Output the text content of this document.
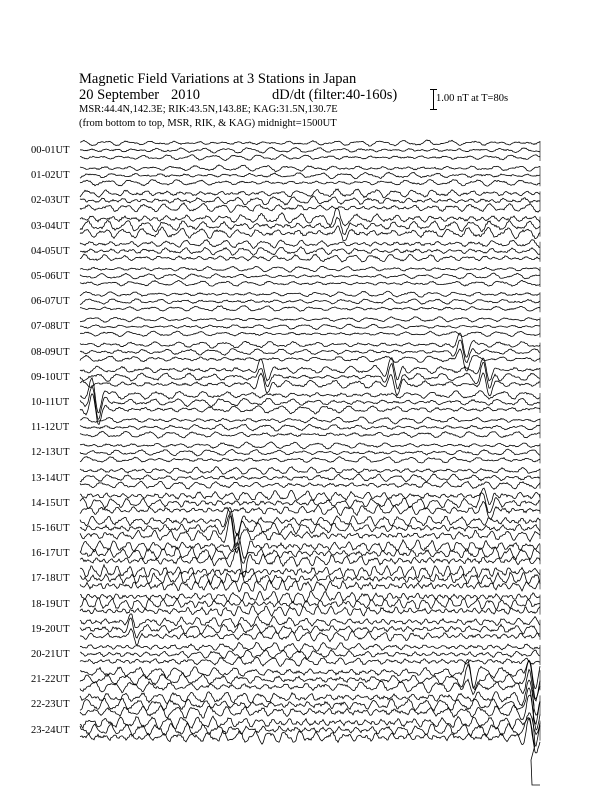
Magnetic Field Variations at 3 Stations in Japan
20 September 2010	dD/dt (filter:40-160s)
MSR:44.4N,142.3E; RIK:43.5N,143.8E; KAG:31.5N,130.7E
(from bottom to top, MSR, RIK, & KAG) midnight=1500UT
1.00 nT at T=80s
00-01UT
01-02UT
02-03UT
03-04UT
04-05UT
05-06UT
06-07UT
07-08UT
08-09UT
09-10UT
10-11UT
11-12UT
12-13UT
13-14UT
14-15UT
15-16UT
16-17UT
17-18UT
18-19UT
19-20UT
20-21UT
21-22UT
22-23UT
23-24UT
